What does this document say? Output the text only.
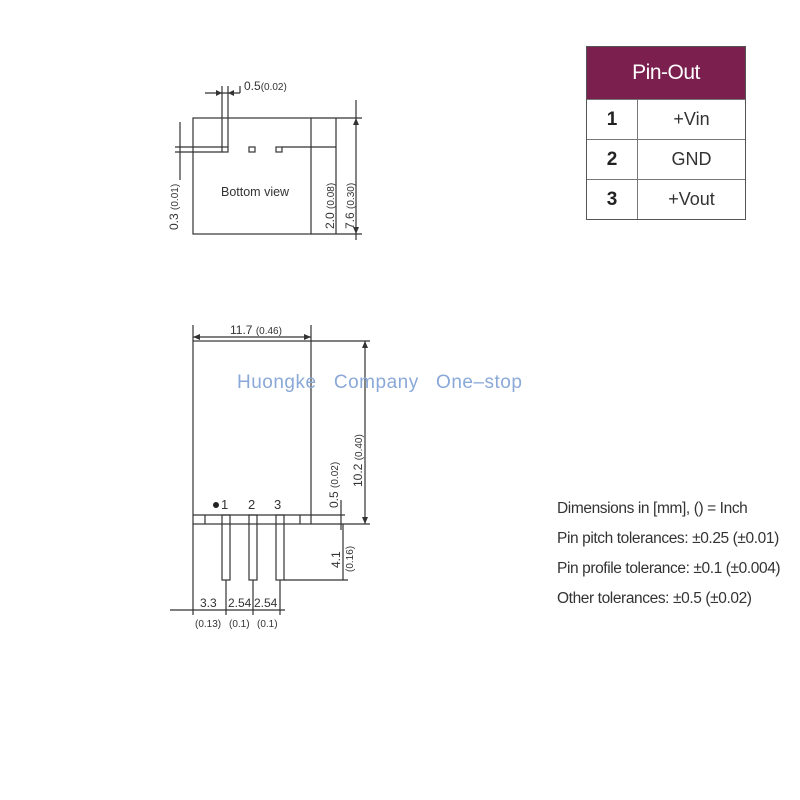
0.5(0.02)
Bottom view
0.3 (0.01)
2.0 (0.08)
7.6 (0.30)
11.7 (0.46)
10.2 (0.40)
0.5 (0.02)
4.1 (0.16)
1 2 3
3.3 2.54 2.54
(0.13) (0.1) (0.1)
Huongke   Company   One–stop
Pin-Out
1	+Vin
2	GND
3	+Vout
Dimensions in [mm], () = Inch
Pin pitch tolerances: ±0.25 (±0.01)
Pin profile tolerance: ±0.1 (±0.004)
Other tolerances: ±0.5 (±0.02)
